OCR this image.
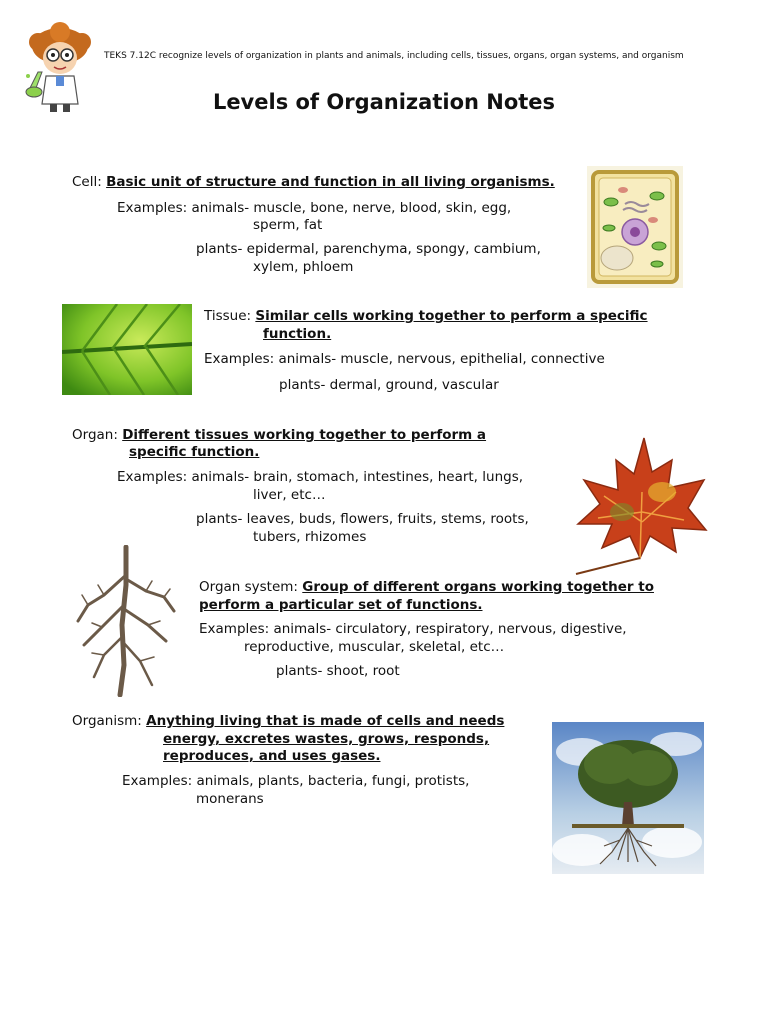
TEKS 7.12C recognize levels of organization in plants and animals, including cells, tissues, organs, organ systems, and organism
Levels of Organization Notes
Cell: Basic unit of structure and function in all living organisms.
Examples: animals- muscle, bone, nerve, blood, skin, egg,
sperm, fat
plants- epidermal, parenchyma, spongy, cambium,
xylem, phloem
Tissue: Similar cells working together to perform a specific
function.
Examples: animals- muscle, nervous, epithelial, connective
plants- dermal, ground, vascular
Organ: Different tissues working together to perform a
specific function.
Examples: animals- brain, stomach, intestines, heart, lungs,
liver, etc…
plants- leaves, buds, flowers, fruits, stems, roots,
tubers, rhizomes
Organ system: Group of different organs working together to
perform a particular set of functions.
Examples: animals- circulatory, respiratory, nervous, digestive,
reproductive, muscular, skeletal, etc…
plants- shoot, root
Organism: Anything living that is made of cells and needs
energy, excretes wastes, grows, responds,
reproduces, and uses gases.
Examples: animals, plants, bacteria, fungi, protists,
monerans
